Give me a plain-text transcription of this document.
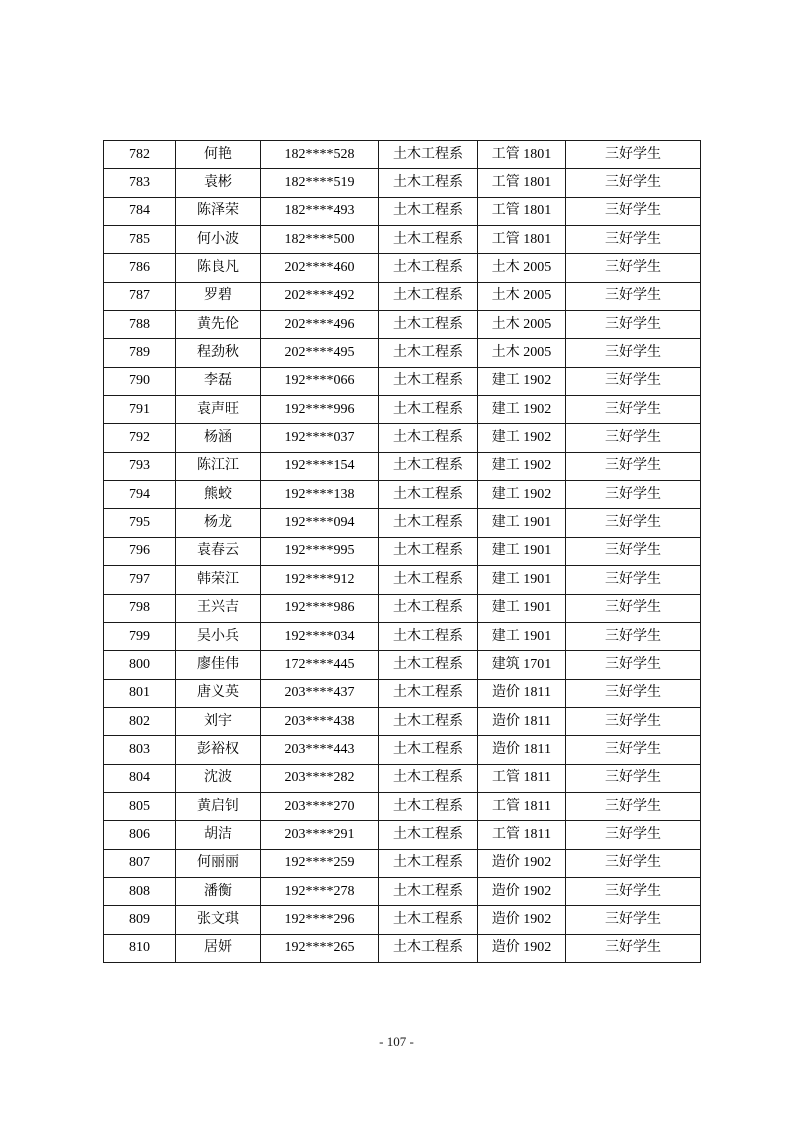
782	何艳	182****528	土木工程系	工管 1801	三好学生
783	袁彬	182****519	土木工程系	工管 1801	三好学生
784	陈泽荣	182****493	土木工程系	工管 1801	三好学生
785	何小波	182****500	土木工程系	工管 1801	三好学生
786	陈良凡	202****460	土木工程系	土木 2005	三好学生
787	罗碧	202****492	土木工程系	土木 2005	三好学生
788	黄先伦	202****496	土木工程系	土木 2005	三好学生
789	程劲秋	202****495	土木工程系	土木 2005	三好学生
790	李磊	192****066	土木工程系	建工 1902	三好学生
791	袁声旺	192****996	土木工程系	建工 1902	三好学生
792	杨涵	192****037	土木工程系	建工 1902	三好学生
793	陈江江	192****154	土木工程系	建工 1902	三好学生
794	熊蛟	192****138	土木工程系	建工 1902	三好学生
795	杨龙	192****094	土木工程系	建工 1901	三好学生
796	袁春云	192****995	土木工程系	建工 1901	三好学生
797	韩荣江	192****912	土木工程系	建工 1901	三好学生
798	王兴吉	192****986	土木工程系	建工 1901	三好学生
799	吴小兵	192****034	土木工程系	建工 1901	三好学生
800	廖佳伟	172****445	土木工程系	建筑 1701	三好学生
801	唐义英	203****437	土木工程系	造价 1811	三好学生
802	刘宇	203****438	土木工程系	造价 1811	三好学生
803	彭裕权	203****443	土木工程系	造价 1811	三好学生
804	沈波	203****282	土木工程系	工管 1811	三好学生
805	黄启钊	203****270	土木工程系	工管 1811	三好学生
806	胡洁	203****291	土木工程系	工管 1811	三好学生
807	何丽丽	192****259	土木工程系	造价 1902	三好学生
808	潘衡	192****278	土木工程系	造价 1902	三好学生
809	张文琪	192****296	土木工程系	造价 1902	三好学生
810	居妍	192****265	土木工程系	造价 1902	三好学生
- 107 -
